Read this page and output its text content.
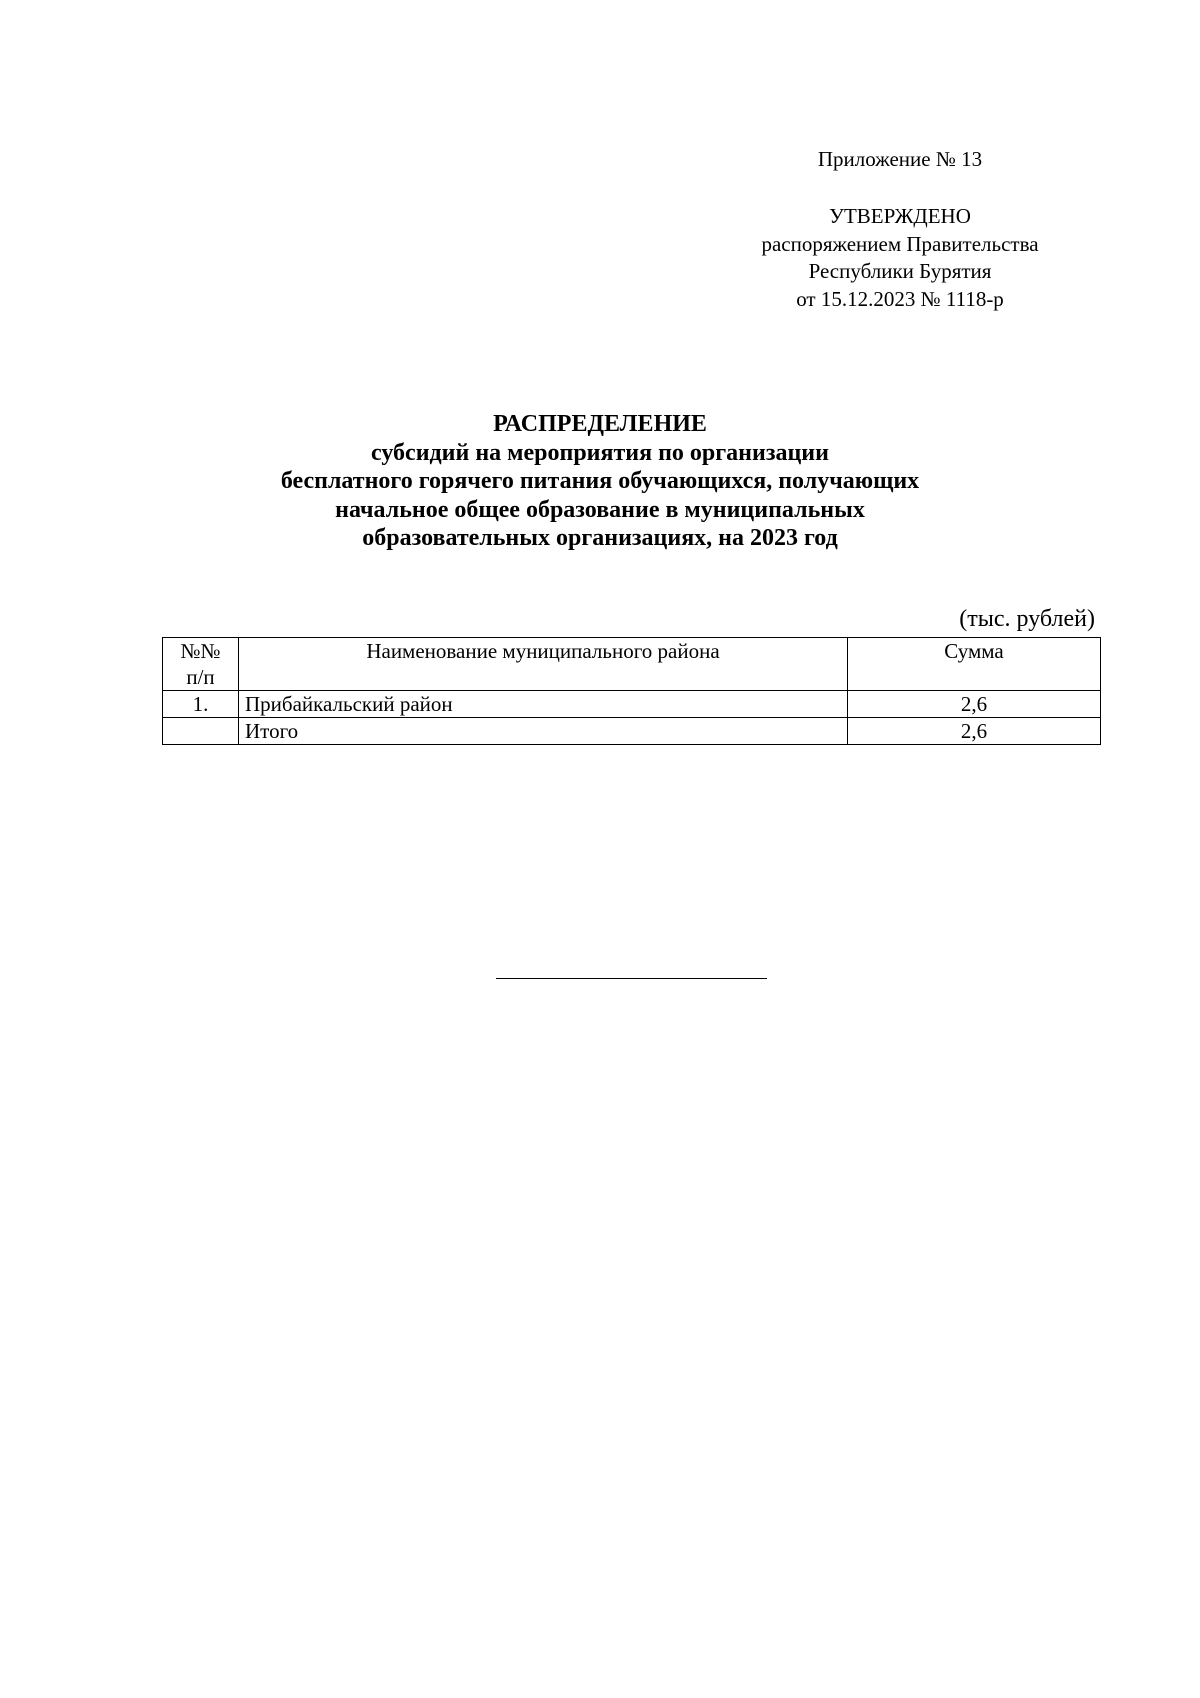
Приложение № 13
УТВЕРЖДЕНО
распоряжением Правительства
Республики Бурятия
от 15.12.2023 № 1118-р
РАСПРЕДЕЛЕНИЕ
субсидий на мероприятия по организации
бесплатного горячего питания обучающихся, получающих
начальное общее образование в муниципальных
образовательных организациях, на 2023 год
(тыс. рублей)
№№
п/п	Наименование муниципального района	Сумма
1.	Прибайкальский район	2,6
	Итого	2,6
